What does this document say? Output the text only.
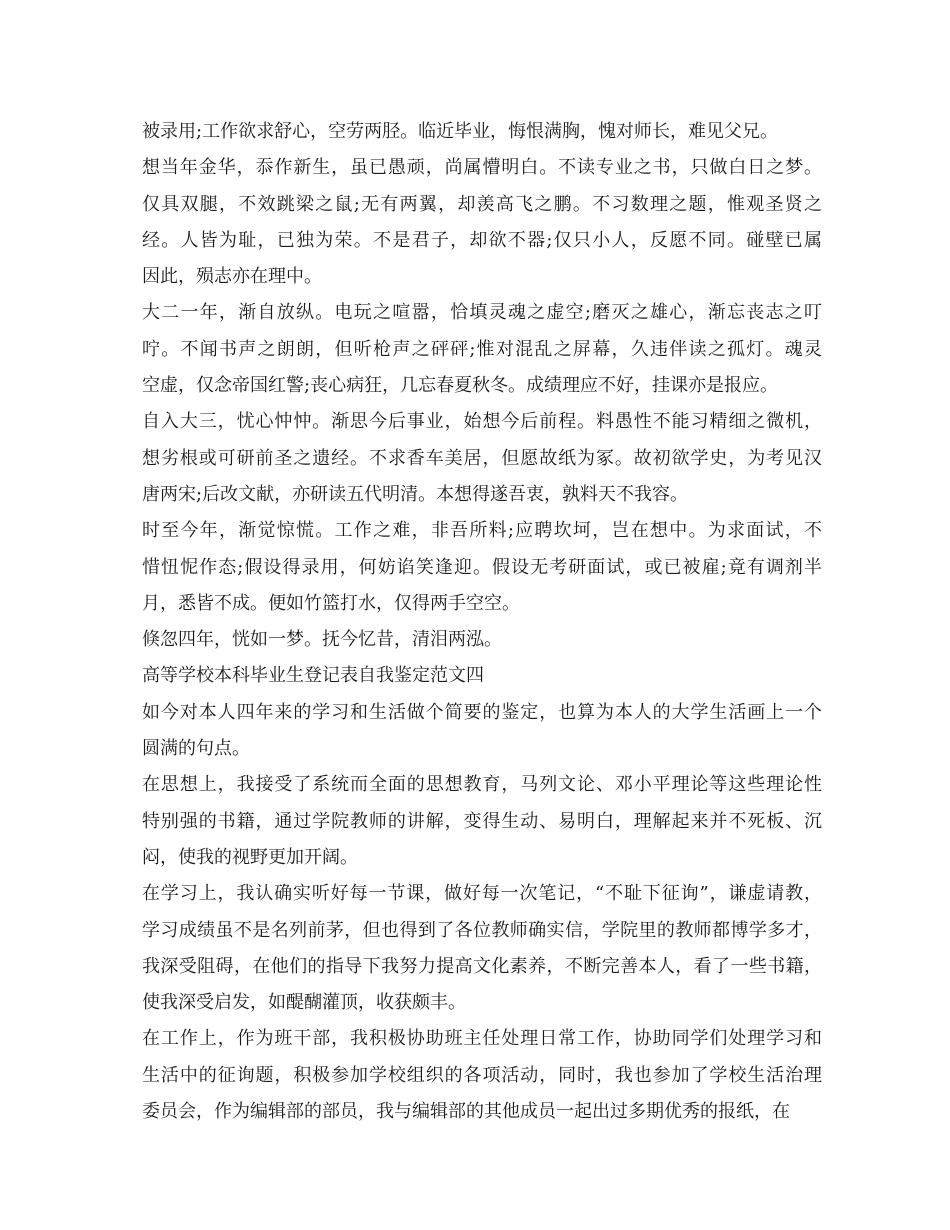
被录用;工作欲求舒心，空劳两胫。临近毕业，悔恨满胸，愧对师长，难见父兄。
想当年金华，忝作新生，虽已愚顽，尚属懵明白。不读专业之书，只做白日之梦。
仅具双腿，不效跳梁之鼠;无有两翼，却羡高飞之鹏。不习数理之题，惟观圣贤之
经。人皆为耻，已独为荣。不是君子，却欲不器;仅只小人，反愿不同。碰壁已属
因此，殒志亦在理中。
大二一年，渐自放纵。电玩之喧嚣，恰填灵魂之虚空;磨灭之雄心，渐忘丧志之叮
咛。不闻书声之朗朗，但听枪声之砰砰;惟对混乱之屏幕，久违伴读之孤灯。魂灵
空虚，仅念帝国红警;丧心病狂，几忘春夏秋冬。成绩理应不好，挂课亦是报应。
自入大三，忧心忡忡。渐思今后事业，始想今后前程。料愚性不能习精细之微机，
想劣根或可研前圣之遗经。不求香车美居，但愿故纸为冢。故初欲学史，为考见汉
唐两宋;后改文献，亦研读五代明清。本想得遂吾衷，孰料天不我容。
时至今年，渐觉惊慌。工作之难，非吾所料;应聘坎坷，岂在想中。为求面试，不
惜忸怩作态;假设得录用，何妨谄笑逢迎。假设无考研面试，或已被雇;竟有调剂半
月，悉皆不成。便如竹篮打水，仅得两手空空。
倏忽四年，恍如一梦。抚今忆昔，清泪两泓。
高等学校本科毕业生登记表自我鉴定范文四
如今对本人四年来的学习和生活做个简要的鉴定，也算为本人的大学生活画上一个
圆满的句点。
在思想上，我接受了系统而全面的思想教育，马列文论、邓小平理论等这些理论性
特别强的书籍，通过学院教师的讲解，变得生动、易明白，理解起来并不死板、沉
闷，使我的视野更加开阔。
在学习上，我认确实听好每一节课，做好每一次笔记，“不耻下征询”，谦虚请教，
学习成绩虽不是名列前茅，但也得到了各位教师确实信，学院里的教师都博学多才，
我深受阻碍，在他们的指导下我努力提高文化素养，不断完善本人，看了一些书籍，
使我深受启发，如醍醐灌顶，收获颇丰。
在工作上，作为班干部，我积极协助班主任处理日常工作，协助同学们处理学习和
生活中的征询题，积极参加学校组织的各项活动，同时，我也参加了学校生活治理
委员会，作为编辑部的部员，我与编辑部的其他成员一起出过多期优秀的报纸，在
